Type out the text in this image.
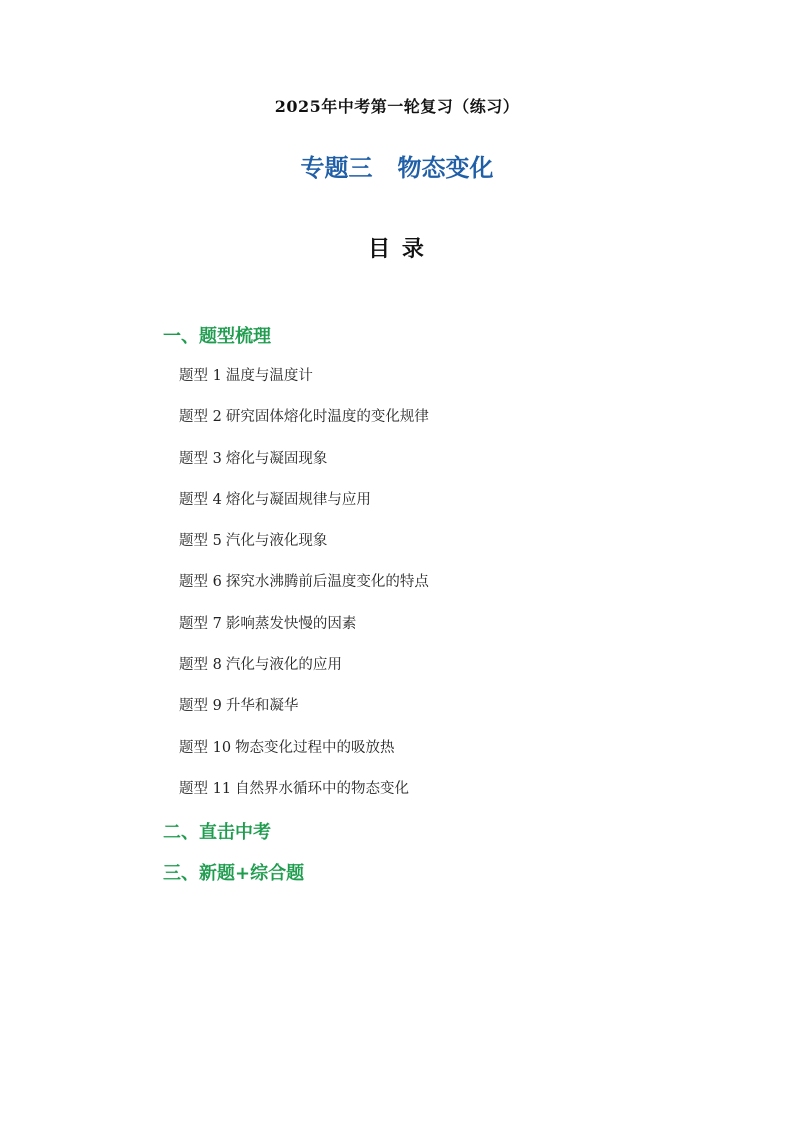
2025年中考第一轮复习（练习）
专题三   物态变化
目 录
一、题型梳理
题型 1 温度与温度计
题型 2 研究固体熔化时温度的变化规律
题型 3 熔化与凝固现象
题型 4 熔化与凝固规律与应用
题型 5 汽化与液化现象
题型 6 探究水沸腾前后温度变化的特点
题型 7 影响蒸发快慢的因素
题型 8 汽化与液化的应用
题型 9 升华和凝华
题型 10 物态变化过程中的吸放热
题型 11 自然界水循环中的物态变化
二、直击中考
三、新题+综合题
